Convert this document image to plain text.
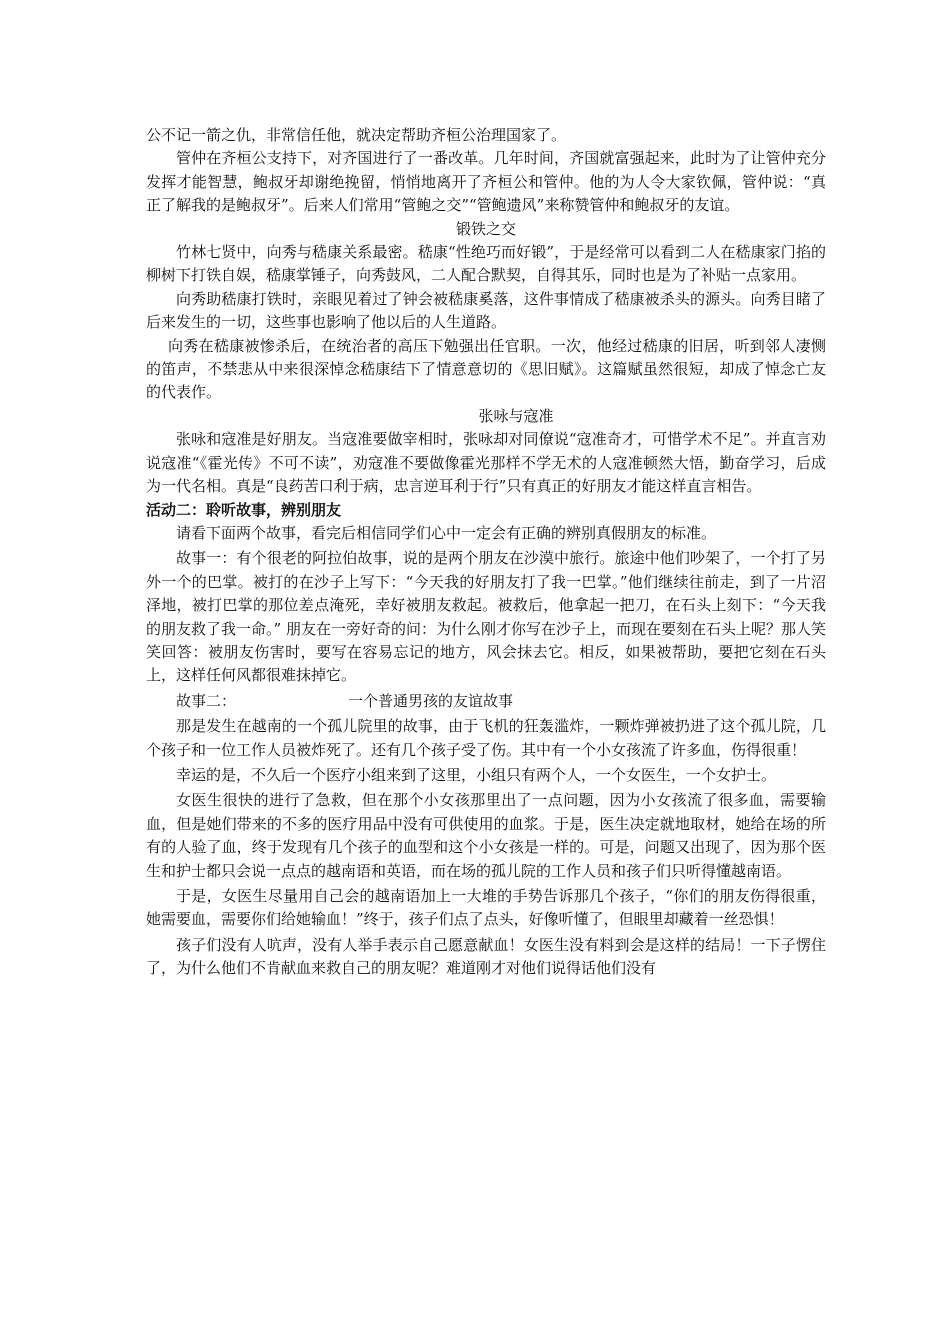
公不记一箭之仇，非常信任他，就决定帮助齐桓公治理国家了。

管仲在齐桓公支持下，对齐国进行了一番改革。几年时间，齐国就富强起来，此时为了让管仲充分发挥才能智慧，鲍叔牙却谢绝挽留，悄悄地离开了齐桓公和管仲。他的为人令大家钦佩，管仲说：“真正了解我的是鲍叔牙”。后来人们常用“管鲍之交”“管鲍遗风”来称赞管仲和鲍叔牙的友谊。

锻铁之交

竹林七贤中，向秀与嵇康关系最密。嵇康“性绝巧而好锻”，于是经常可以看到二人在嵇康家门掐的柳树下打铁自娱，嵇康掌锤子，向秀鼓风，二人配合默契，自得其乐，同时也是为了补贴一点家用。

向秀助嵇康打铁时，亲眼见着过了钟会被嵇康奚落，这件事情成了嵇康被杀头的源头。向秀目睹了后来发生的一切，这些事也影响了他以后的人生道路。

向秀在嵇康被惨杀后，在统治者的高压下勉强出任官职。一次，他经过嵇康的旧居，听到邻人凄恻的笛声，不禁悲从中来很深悼念嵇康结下了情意意切的《思旧赋》。这篇赋虽然很短，却成了悼念亡友的代表作。

张咏与寇准

张咏和寇准是好朋友。当寇准要做宰相时，张咏却对同僚说“寇准奇才，可惜学术不足”。并直言劝说寇准“《霍光传》不可不读”，劝寇准不要做像霍光那样不学无术的人寇准顿然大悟，勤奋学习，后成为一代名相。真是“良药苦口利于病，忠言逆耳利于行”只有真正的好朋友才能这样直言相告。

活动二：聆听故事，辨别朋友

请看下面两个故事，看完后相信同学们心中一定会有正确的辨别真假朋友的标准。

故事一：有个很老的阿拉伯故事，说的是两个朋友在沙漠中旅行。旅途中他们吵架了，一个打了另外一个的巴掌。被打的在沙子上写下：“今天我的好朋友打了我一巴掌。”他们继续往前走，到了一片沼泽地，被打巴掌的那位差点淹死，幸好被朋友救起。被救后，他拿起一把刀，在石头上刻下：“今天我的朋友救了我一命。” 朋友在一旁好奇的问：为什么刚才你写在沙子上，而现在要刻在石头上呢？那人笑笑回答：被朋友伤害时，要写在容易忘记的地方，风会抹去它。相反，如果被帮助，要把它刻在石头上，这样任何风都很难抹掉它。

故事二：	一个普通男孩的友谊故事

那是发生在越南的一个孤儿院里的故事，由于飞机的狂轰滥炸，一颗炸弹被扔进了这个孤儿院，几个孩子和一位工作人员被炸死了。还有几个孩子受了伤。其中有一个小女孩流了许多血，伤得很重！

幸运的是，不久后一个医疗小组来到了这里，小组只有两个人，一个女医生，一个女护士。

女医生很快的进行了急救，但在那个小女孩那里出了一点问题，因为小女孩流了很多血，需要输血，但是她们带来的不多的医疗用品中没有可供使用的血浆。于是，医生决定就地取材，她给在场的所有的人验了血，终于发现有几个孩子的血型和这个小女孩是一样的。可是，问题又出现了，因为那个医生和护士都只会说一点点的越南语和英语，而在场的孤儿院的工作人员和孩子们只听得懂越南语。

于是，女医生尽量用自己会的越南语加上一大堆的手势告诉那几个孩子，“你们的朋友伤得很重，她需要血，需要你们给她输血！”终于，孩子们点了点头，好像听懂了，但眼里却藏着一丝恐惧！

孩子们没有人吭声，没有人举手表示自己愿意献血！女医生没有料到会是这样的结局！一下子愣住了，为什么他们不肯献血来救自己的朋友呢？难道刚才对他们说得话他们没有
